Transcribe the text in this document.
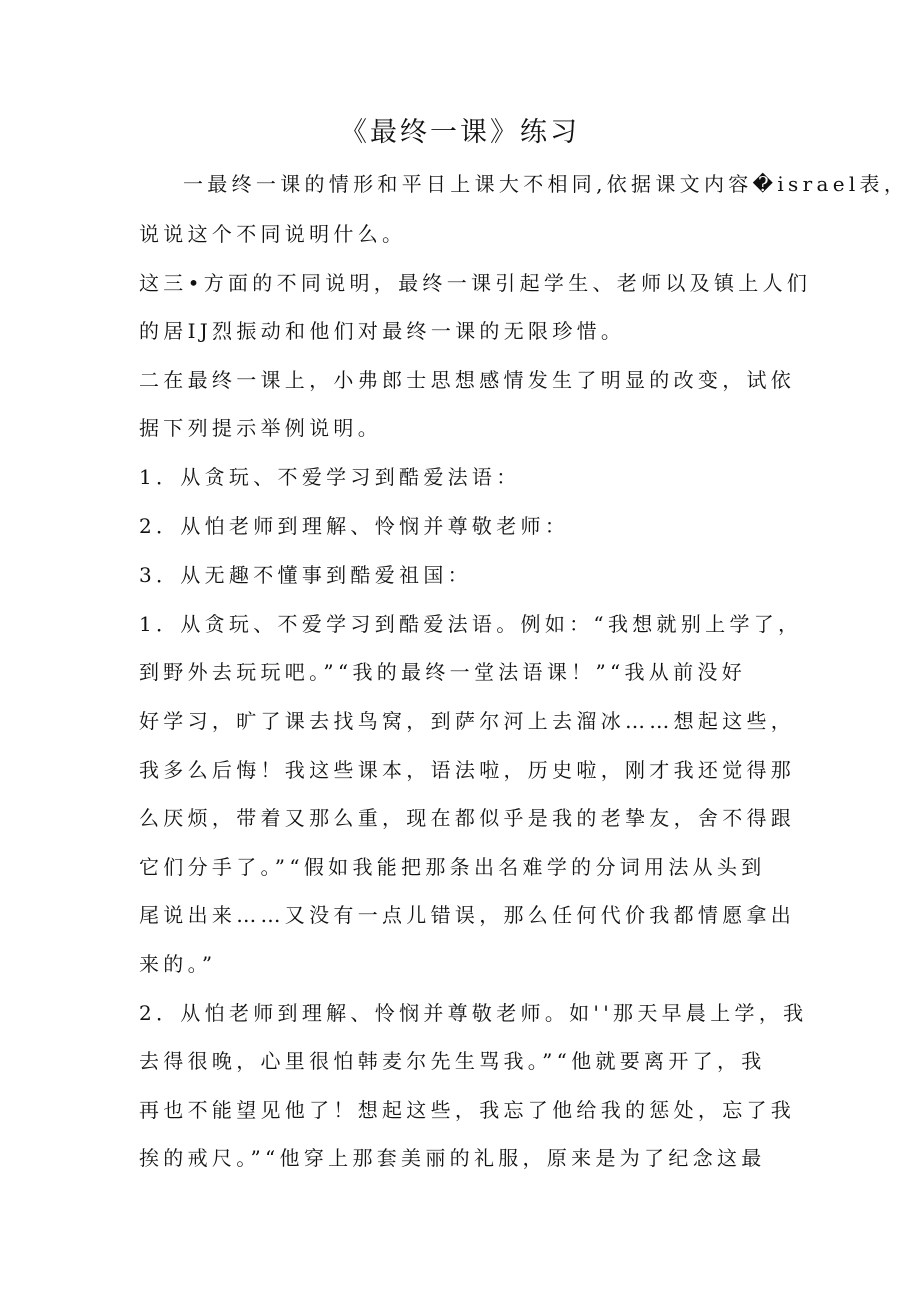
《最终一课》练习
一最终一课的情形和平日上课大不相同,依据课文内容�israel表，
说说这个不同说明什么。
这三•方面的不同说明，最终一课引起学生、老师以及镇上人们
的居IJ烈振动和他们对最终一课的无限珍惜。
二在最终一课上，小弗郎士思想感情发生了明显的改变，试依
据下列提示举例说明。
1．从贪玩、不爱学习到酷爱法语：
2．从怕老师到理解、怜悯并尊敬老师：
3．从无趣不懂事到酷爱祖国：
1．从贪玩、不爱学习到酷爱法语。例如：“我想就别上学了，
到野外去玩玩吧。”“我的最终一堂法语课！”“我从前没好
好学习，旷了课去找鸟窝，到萨尔河上去溜冰……想起这些，
我多么后悔！我这些课本，语法啦，历史啦，刚才我还觉得那
么厌烦，带着又那么重，现在都似乎是我的老挚友，舍不得跟
它们分手了。”“假如我能把那条出名难学的分词用法从头到
尾说出来……又没有一点儿错误，那么任何代价我都情愿拿出
来的。”
2．从怕老师到理解、怜悯并尊敬老师。如''那天早晨上学，我
去得很晚，心里很怕韩麦尔先生骂我。”“他就要离开了，我
再也不能望见他了！想起这些，我忘了他给我的惩处，忘了我
挨的戒尺。”“他穿上那套美丽的礼服，原来是为了纪念这最
